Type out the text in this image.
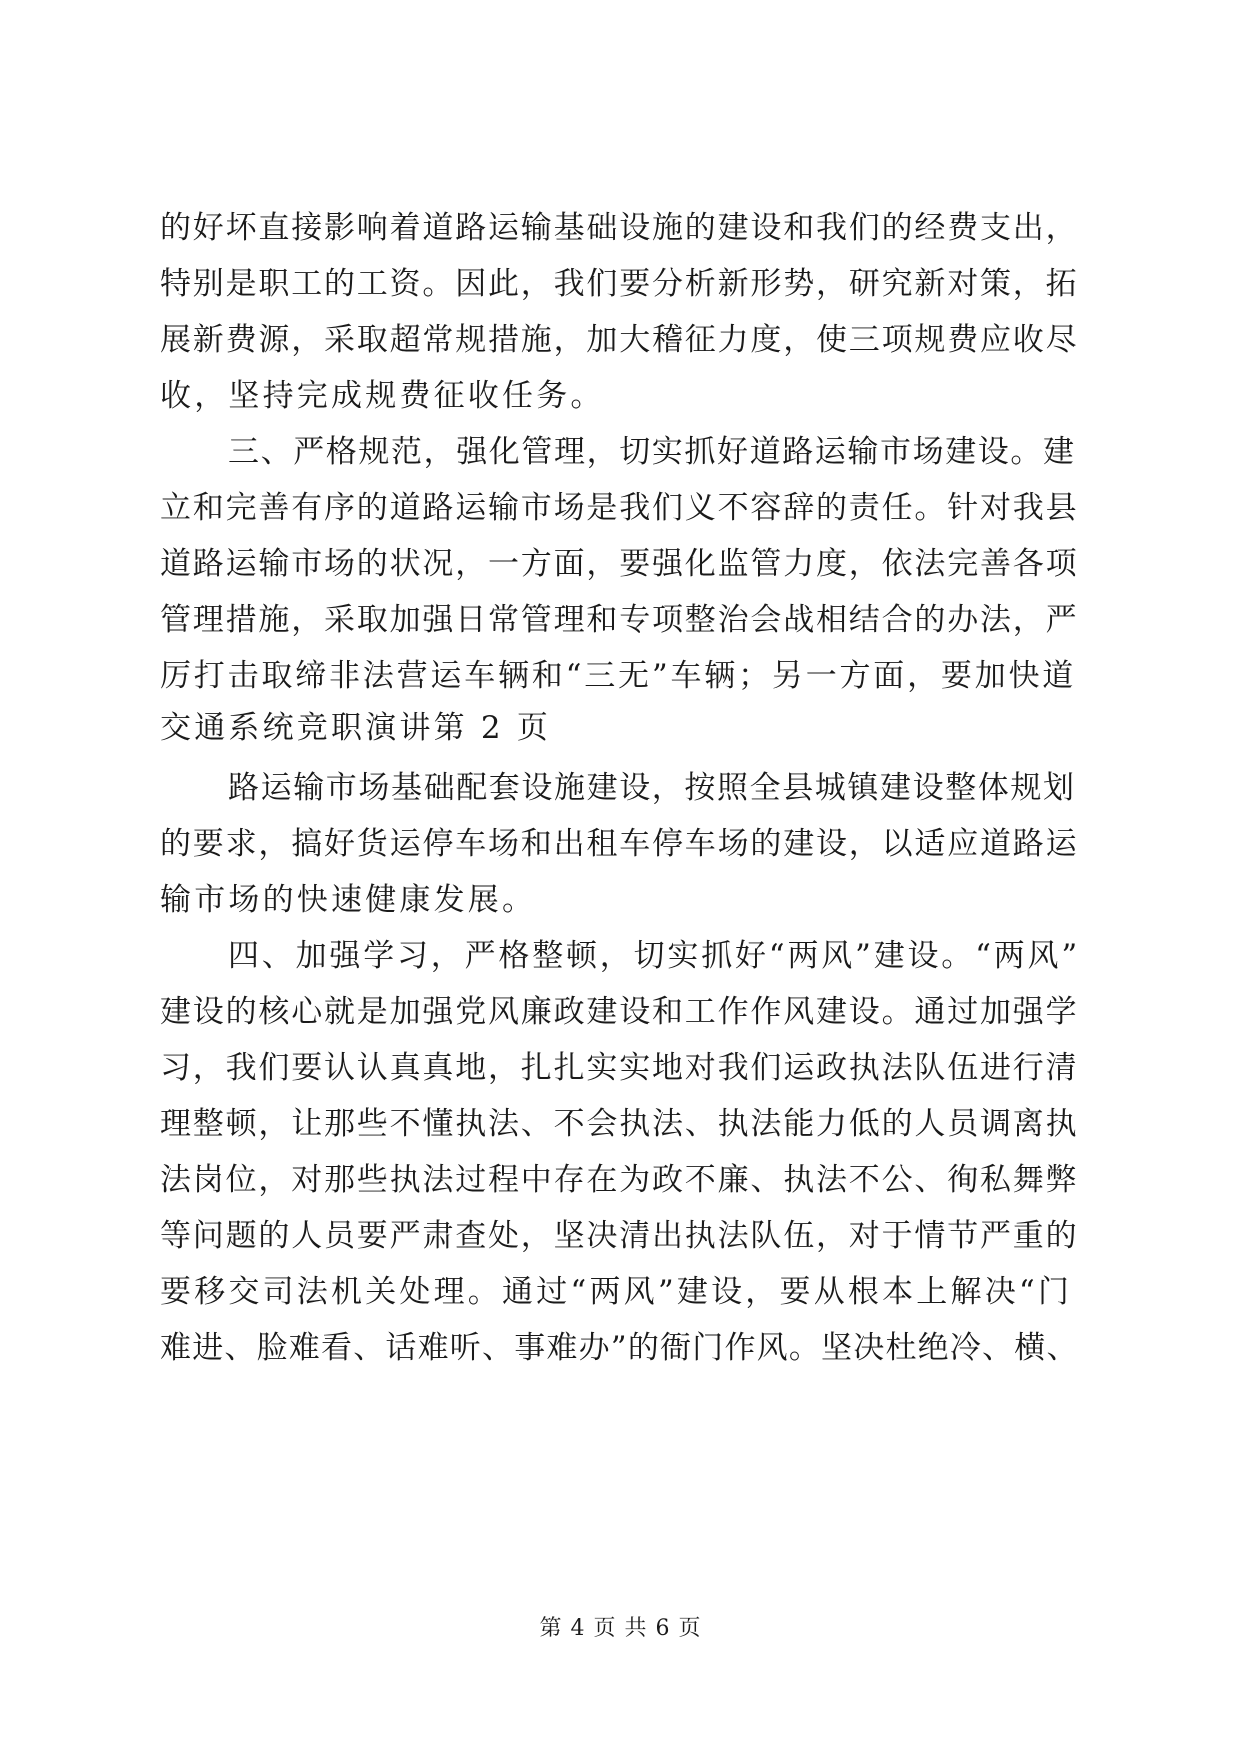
的好坏直接影响着道路运输基础设施的建设和我们的经费支出，
特别是职工的工资。因此，我们要分析新形势，研究新对策，拓
展新费源，采取超常规措施，加大稽征力度，使三项规费应收尽
收，坚持完成规费征收任务。
三、严格规范，强化管理，切实抓好道路运输市场建设。建
立和完善有序的道路运输市场是我们义不容辞的责任。针对我县
道路运输市场的状况，一方面，要强化监管力度，依法完善各项
管理措施，采取加强日常管理和专项整治会战相结合的办法，严
厉打击取缔非法营运车辆和“三无”车辆；另一方面，要加快道
交通系统竞职演讲第 2 页
路运输市场基础配套设施建设，按照全县城镇建设整体规划
的要求，搞好货运停车场和出租车停车场的建设，以适应道路运
输市场的快速健康发展。
四、加强学习，严格整顿，切实抓好“两风”建设。“两风”
建设的核心就是加强党风廉政建设和工作作风建设。通过加强学
习，我们要认认真真地，扎扎实实地对我们运政执法队伍进行清
理整顿，让那些不懂执法、不会执法、执法能力低的人员调离执
法岗位，对那些执法过程中存在为政不廉、执法不公、徇私舞弊
等问题的人员要严肃查处，坚决清出执法队伍，对于情节严重的
要移交司法机关处理。通过“两风”建设，要从根本上解决“门
难进、脸难看、话难听、事难办”的衙门作风。坚决杜绝冷、横、
第 4 页 共 6 页
